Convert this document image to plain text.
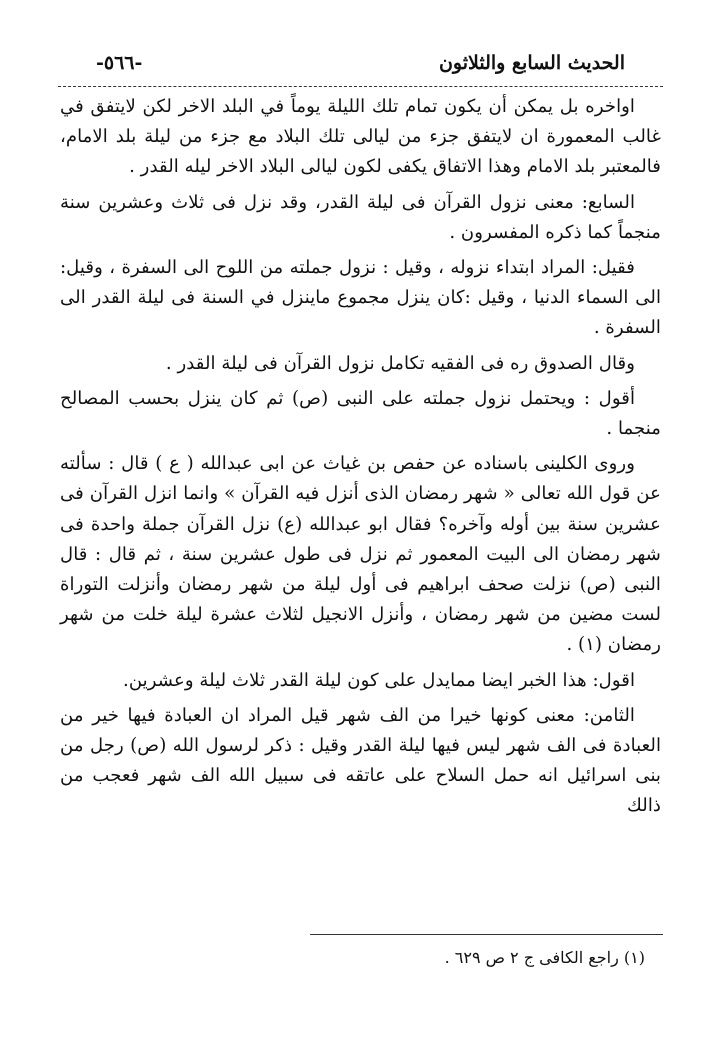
الحديث السابع والثلاثون
-٥٦٦-

اواخره بل يمكن أن يكون تمام تلك الليلة يوماً في البلد الاخر لكن لايتفق في غالب المعمورة ان لايتفق جزء من ليالى تلك البلاد مع جزء من ليلة بلد الامام، فالمعتبر بلد الامام وهذا الاتفاق يكفى لكون ليالى البلاد الاخر ليله القدر .

السابع: معنى نزول القرآن فى ليلة القدر، وقد نزل فى ثلاث وعشرين سنة منجماً كما ذكره المفسرون .

فقيل: المراد ابتداء نزوله ، وقيل : نزول جملته من اللوح الى السفرة ، وقيل: الى السماء الدنيا ، وقيل :كان ينزل مجموع ماينزل في السنة فى ليلة القدر الى السفرة .

وقال الصدوق ره فى الفقيه تكامل نزول القرآن فى ليلة القدر .

أقول : ويحتمل نزول جملته على النبى (ص) ثم كان ينزل بحسب المصالح منجما .

وروى الكلينى باسناده عن حفص بن غياث عن ابى عبدالله ( ع ) قال : سألته عن قول الله تعالى « شهر رمضان الذى أنزل فيه القرآن » وانما انزل القرآن فى عشرين سنة بين أوله وآخره؟ فقال ابو عبدالله (ع) نزل القرآن جملة واحدة فى شهر رمضان الى البيت المعمور ثم نزل فى طول عشرين سنة ، ثم قال : قال النبى (ص) نزلت صحف ابراهيم فى أول ليلة من شهر رمضان وأنزلت التوراة لست مضين من شهر رمضان ، وأنزل الانجيل لثلاث عشرة ليلة خلت من شهر رمضان (١) .

اقول: هذا الخبر ايضا ممايدل على كون ليلة القدر ثلاث ليلة وعشرين.

الثامن: معنى كونها خيرا من الف شهر قيل المراد ان العبادة فيها خير من العبادة فى الف شهر ليس فيها ليلة القدر وقيل : ذكر لرسول الله (ص) رجل من بنى اسرائيل انه حمل السلاح على عاتقه فى سبيل الله الف شهر فعجب من ذالك

(١) راجع الكافى ج ٢ ص ٦٢٩ .
